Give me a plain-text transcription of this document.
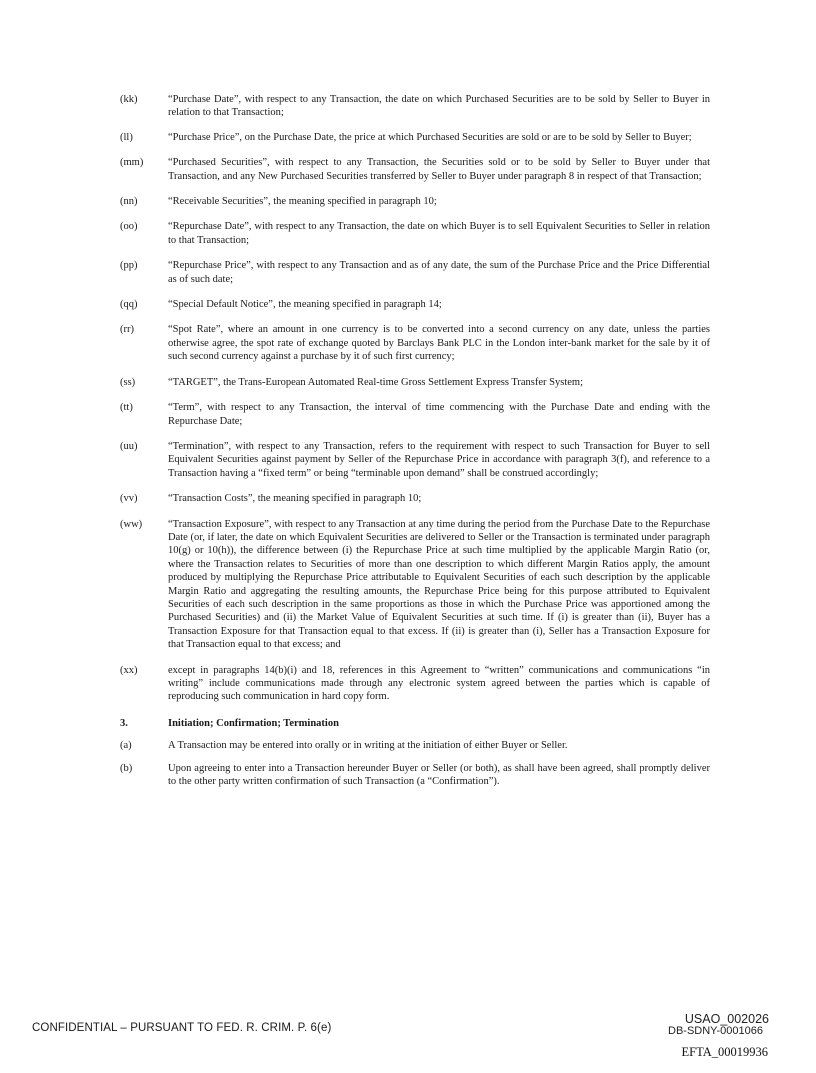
(kk)	“Purchase Date”, with respect to any Transaction, the date on which Purchased Securities are to be sold by Seller to Buyer in relation to that Transaction;
(ll)	“Purchase Price”, on the Purchase Date, the price at which Purchased Securities are sold or are to be sold by Seller to Buyer;
(mm)	“Purchased Securities”, with respect to any Transaction, the Securities sold or to be sold by Seller to Buyer under that Transaction, and any New Purchased Securities transferred by Seller to Buyer under paragraph 8 in respect of that Transaction;
(nn)	“Receivable Securities”, the meaning specified in paragraph 10;
(oo)	“Repurchase Date”, with respect to any Transaction, the date on which Buyer is to sell Equivalent Securities to Seller in relation to that Transaction;
(pp)	“Repurchase Price”, with respect to any Transaction and as of any date, the sum of the Purchase Price and the Price Differential as of such date;
(qq)	“Special Default Notice”, the meaning specified in paragraph 14;
(rr)	“Spot Rate”, where an amount in one currency is to be converted into a second currency on any date, unless the parties otherwise agree, the spot rate of exchange quoted by Barclays Bank PLC in the London inter-bank market for the sale by it of such second currency against a purchase by it of such first currency;
(ss)	“TARGET”, the Trans-European Automated Real-time Gross Settlement Express Transfer System;
(tt)	“Term”, with respect to any Transaction, the interval of time commencing with the Purchase Date and ending with the Repurchase Date;
(uu)	“Termination”, with respect to any Transaction, refers to the requirement with respect to such Transaction for Buyer to sell Equivalent Securities against payment by Seller of the Repurchase Price in accordance with paragraph 3(f), and reference to a Transaction having a “fixed term” or being “terminable upon demand” shall be construed accordingly;
(vv)	“Transaction Costs”, the meaning specified in paragraph 10;
(ww)	“Transaction Exposure”, with respect to any Transaction at any time during the period from the Purchase Date to the Repurchase Date (or, if later, the date on which Equivalent Securities are delivered to Seller or the Transaction is terminated under paragraph 10(g) or 10(h)), the difference between (i) the Repurchase Price at such time multiplied by the applicable Margin Ratio (or, where the Transaction relates to Securities of more than one description to which different Margin Ratios apply, the amount produced by multiplying the Repurchase Price attributable to Equivalent Securities of each such description by the applicable Margin Ratio and aggregating the resulting amounts, the Repurchase Price being for this purpose attributed to Equivalent Securities of each such description in the same proportions as those in which the Purchase Price was apportioned among the Purchased Securities) and (ii) the Market Value of Equivalent Securities at such time. If (i) is greater than (ii), Buyer has a Transaction Exposure for that Transaction equal to that excess. If (ii) is greater than (i), Seller has a Transaction Exposure for that Transaction equal to that excess; and
(xx)	except in paragraphs 14(b)(i) and 18, references in this Agreement to “written” communications and communications “in writing” include communications made through any electronic system agreed between the parties which is capable of reproducing such communication in hard copy form.
3.	Initiation; Confirmation; Termination
(a)	A Transaction may be entered into orally or in writing at the initiation of either Buyer or Seller.
(b)	Upon agreeing to enter into a Transaction hereunder Buyer or Seller (or both), as shall have been agreed, shall promptly deliver to the other party written confirmation of such Transaction (a “Confirmation”).
CONFIDENTIAL – PURSUANT TO FED. R. CRIM. P. 6(e)
USAO_002026
DB-SDNY-0001066
EFTA_00019936
